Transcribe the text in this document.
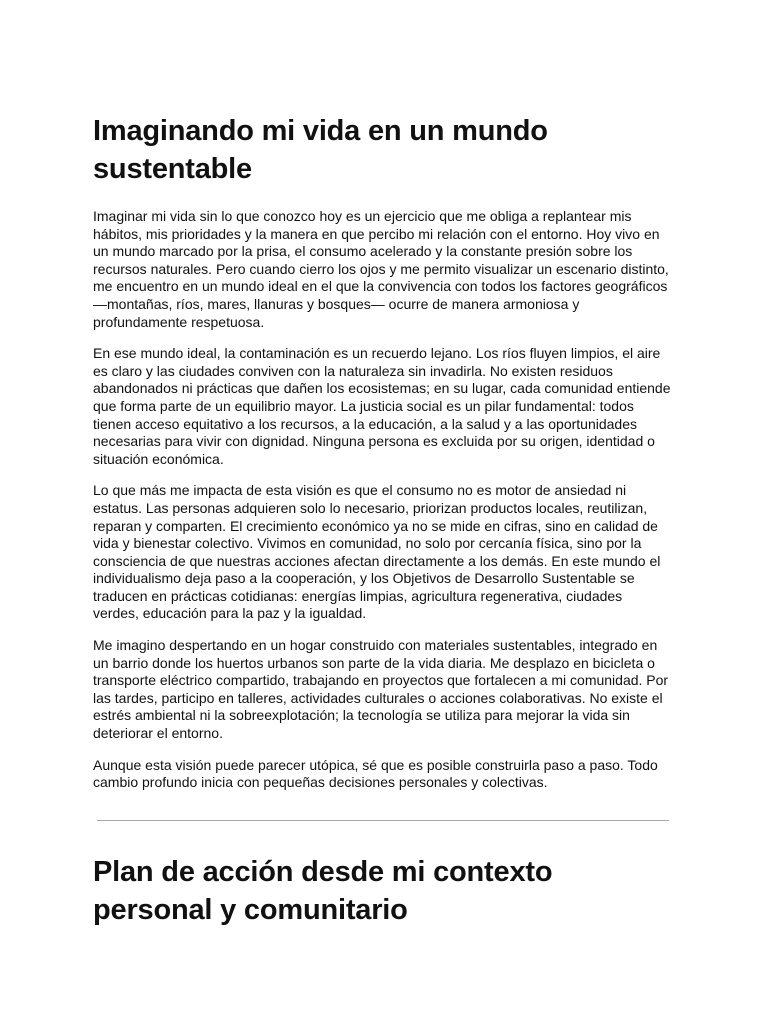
Imaginando mi vida en un mundo sustentable

Imaginar mi vida sin lo que conozco hoy es un ejercicio que me obliga a replantear mis hábitos, mis prioridades y la manera en que percibo mi relación con el entorno. Hoy vivo en un mundo marcado por la prisa, el consumo acelerado y la constante presión sobre los recursos naturales. Pero cuando cierro los ojos y me permito visualizar un escenario distinto, me encuentro en un mundo ideal en el que la convivencia con todos los factores geográficos —montañas, ríos, mares, llanuras y bosques— ocurre de manera armoniosa y profundamente respetuosa.

En ese mundo ideal, la contaminación es un recuerdo lejano. Los ríos fluyen limpios, el aire es claro y las ciudades conviven con la naturaleza sin invadirla. No existen residuos abandonados ni prácticas que dañen los ecosistemas; en su lugar, cada comunidad entiende que forma parte de un equilibrio mayor. La justicia social es un pilar fundamental: todos tienen acceso equitativo a los recursos, a la educación, a la salud y a las oportunidades necesarias para vivir con dignidad. Ninguna persona es excluida por su origen, identidad o situación económica.

Lo que más me impacta de esta visión es que el consumo no es motor de ansiedad ni estatus. Las personas adquieren solo lo necesario, priorizan productos locales, reutilizan, reparan y comparten. El crecimiento económico ya no se mide en cifras, sino en calidad de vida y bienestar colectivo. Vivimos en comunidad, no solo por cercanía física, sino por la consciencia de que nuestras acciones afectan directamente a los demás. En este mundo el individualismo deja paso a la cooperación, y los Objetivos de Desarrollo Sustentable se traducen en prácticas cotidianas: energías limpias, agricultura regenerativa, ciudades verdes, educación para la paz y la igualdad.

Me imagino despertando en un hogar construido con materiales sustentables, integrado en un barrio donde los huertos urbanos son parte de la vida diaria. Me desplazo en bicicleta o transporte eléctrico compartido, trabajando en proyectos que fortalecen a mi comunidad. Por las tardes, participo en talleres, actividades culturales o acciones colaborativas. No existe el estrés ambiental ni la sobreexplotación; la tecnología se utiliza para mejorar la vida sin deteriorar el entorno.

Aunque esta visión puede parecer utópica, sé que es posible construirla paso a paso. Todo cambio profundo inicia con pequeñas decisiones personales y colectivas.

Plan de acción desde mi contexto personal y comunitario
